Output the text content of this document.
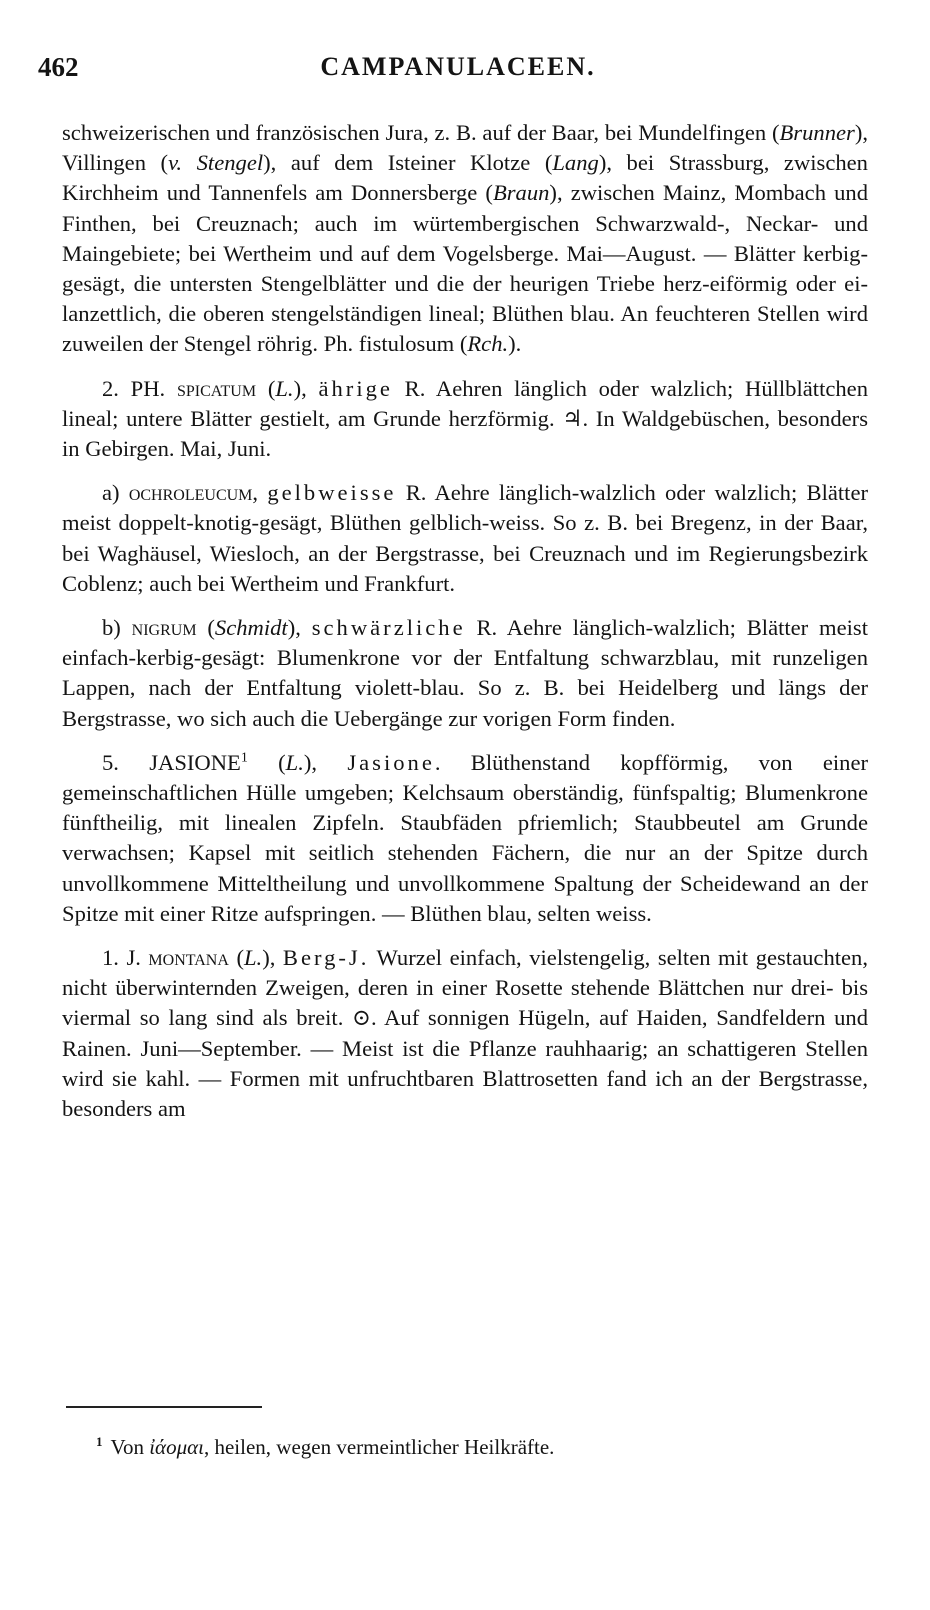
462	CAMPANULACEEN.

schweizerischen und französischen Jura, z. B. auf der Baar, bei Mundelfingen (Brunner), Villingen (v. Stengel), auf dem Isteiner Klotze (Lang), bei Strassburg, zwischen Kirchheim und Tannenfels am Donnersberge (Braun), zwischen Mainz, Mombach und Finthen, bei Creuznach; auch im würtembergischen Schwarzwald-, Neckar- und Maingebiete; bei Wertheim und auf dem Vogelsberge. Mai—August. — Blätter kerbig-gesägt, die untersten Stengelblätter und die der heurigen Triebe herz-eiförmig oder ei-lanzettlich, die oberen stengelständigen lineal; Blüthen blau. An feuchteren Stellen wird zuweilen der Stengel röhrig. Ph. fistulosum (Rch.).

2. PH. spicatum (L.), ährige R. Aehren länglich oder walzlich; Hüllblättchen lineal; untere Blätter gestielt, am Grunde herzförmig. ♃. In Waldgebüschen, besonders in Gebirgen. Mai, Juni.

a) ochroleucum, gelbweisse R. Aehre länglich-walzlich oder walzlich; Blätter meist doppelt-knotig-gesägt, Blüthen gelblich-weiss. So z. B. bei Bregenz, in der Baar, bei Waghäusel, Wiesloch, an der Bergstrasse, bei Creuznach und im Regierungsbezirk Coblenz; auch bei Wertheim und Frankfurt.

b) nigrum (Schmidt), schwärzliche R. Aehre länglich-walzlich; Blätter meist einfach-kerbig-gesägt: Blumenkrone vor der Entfaltung schwarzblau, mit runzeligen Lappen, nach der Entfaltung violett-blau. So z. B. bei Heidelberg und längs der Bergstrasse, wo sich auch die Uebergänge zur vorigen Form finden.

5. JASIONE$^1$ (L.), Jasione. Blüthenstand kopfförmig, von einer gemeinschaftlichen Hülle umgeben; Kelchsaum oberständig, fünfspaltig; Blumenkrone fünftheilig, mit linealen Zipfeln. Staubfäden pfriemlich; Staubbeutel am Grunde verwachsen; Kapsel mit seitlich stehenden Fächern, die nur an der Spitze durch unvollkommene Mitteltheilung und unvollkommene Spaltung der Scheidewand an der Spitze mit einer Ritze aufspringen. — Blüthen blau, selten weiss.

1. J. montana (L.), Berg-J. Wurzel einfach, vielstengelig, selten mit gestauchten, nicht überwinternden Zweigen, deren in einer Rosette stehende Blättchen nur drei- bis viermal so lang sind als breit. ⊙. Auf sonnigen Hügeln, auf Haiden, Sandfeldern und Rainen. Juni—September. — Meist ist die Pflanze rauhhaarig; an schattigeren Stellen wird sie kahl. — Formen mit unfruchtbaren Blattrosetten fand ich an der Bergstrasse, besonders am

$^1$ Von ἰάομαι, heilen, wegen vermeintlicher Heilkräfte.
